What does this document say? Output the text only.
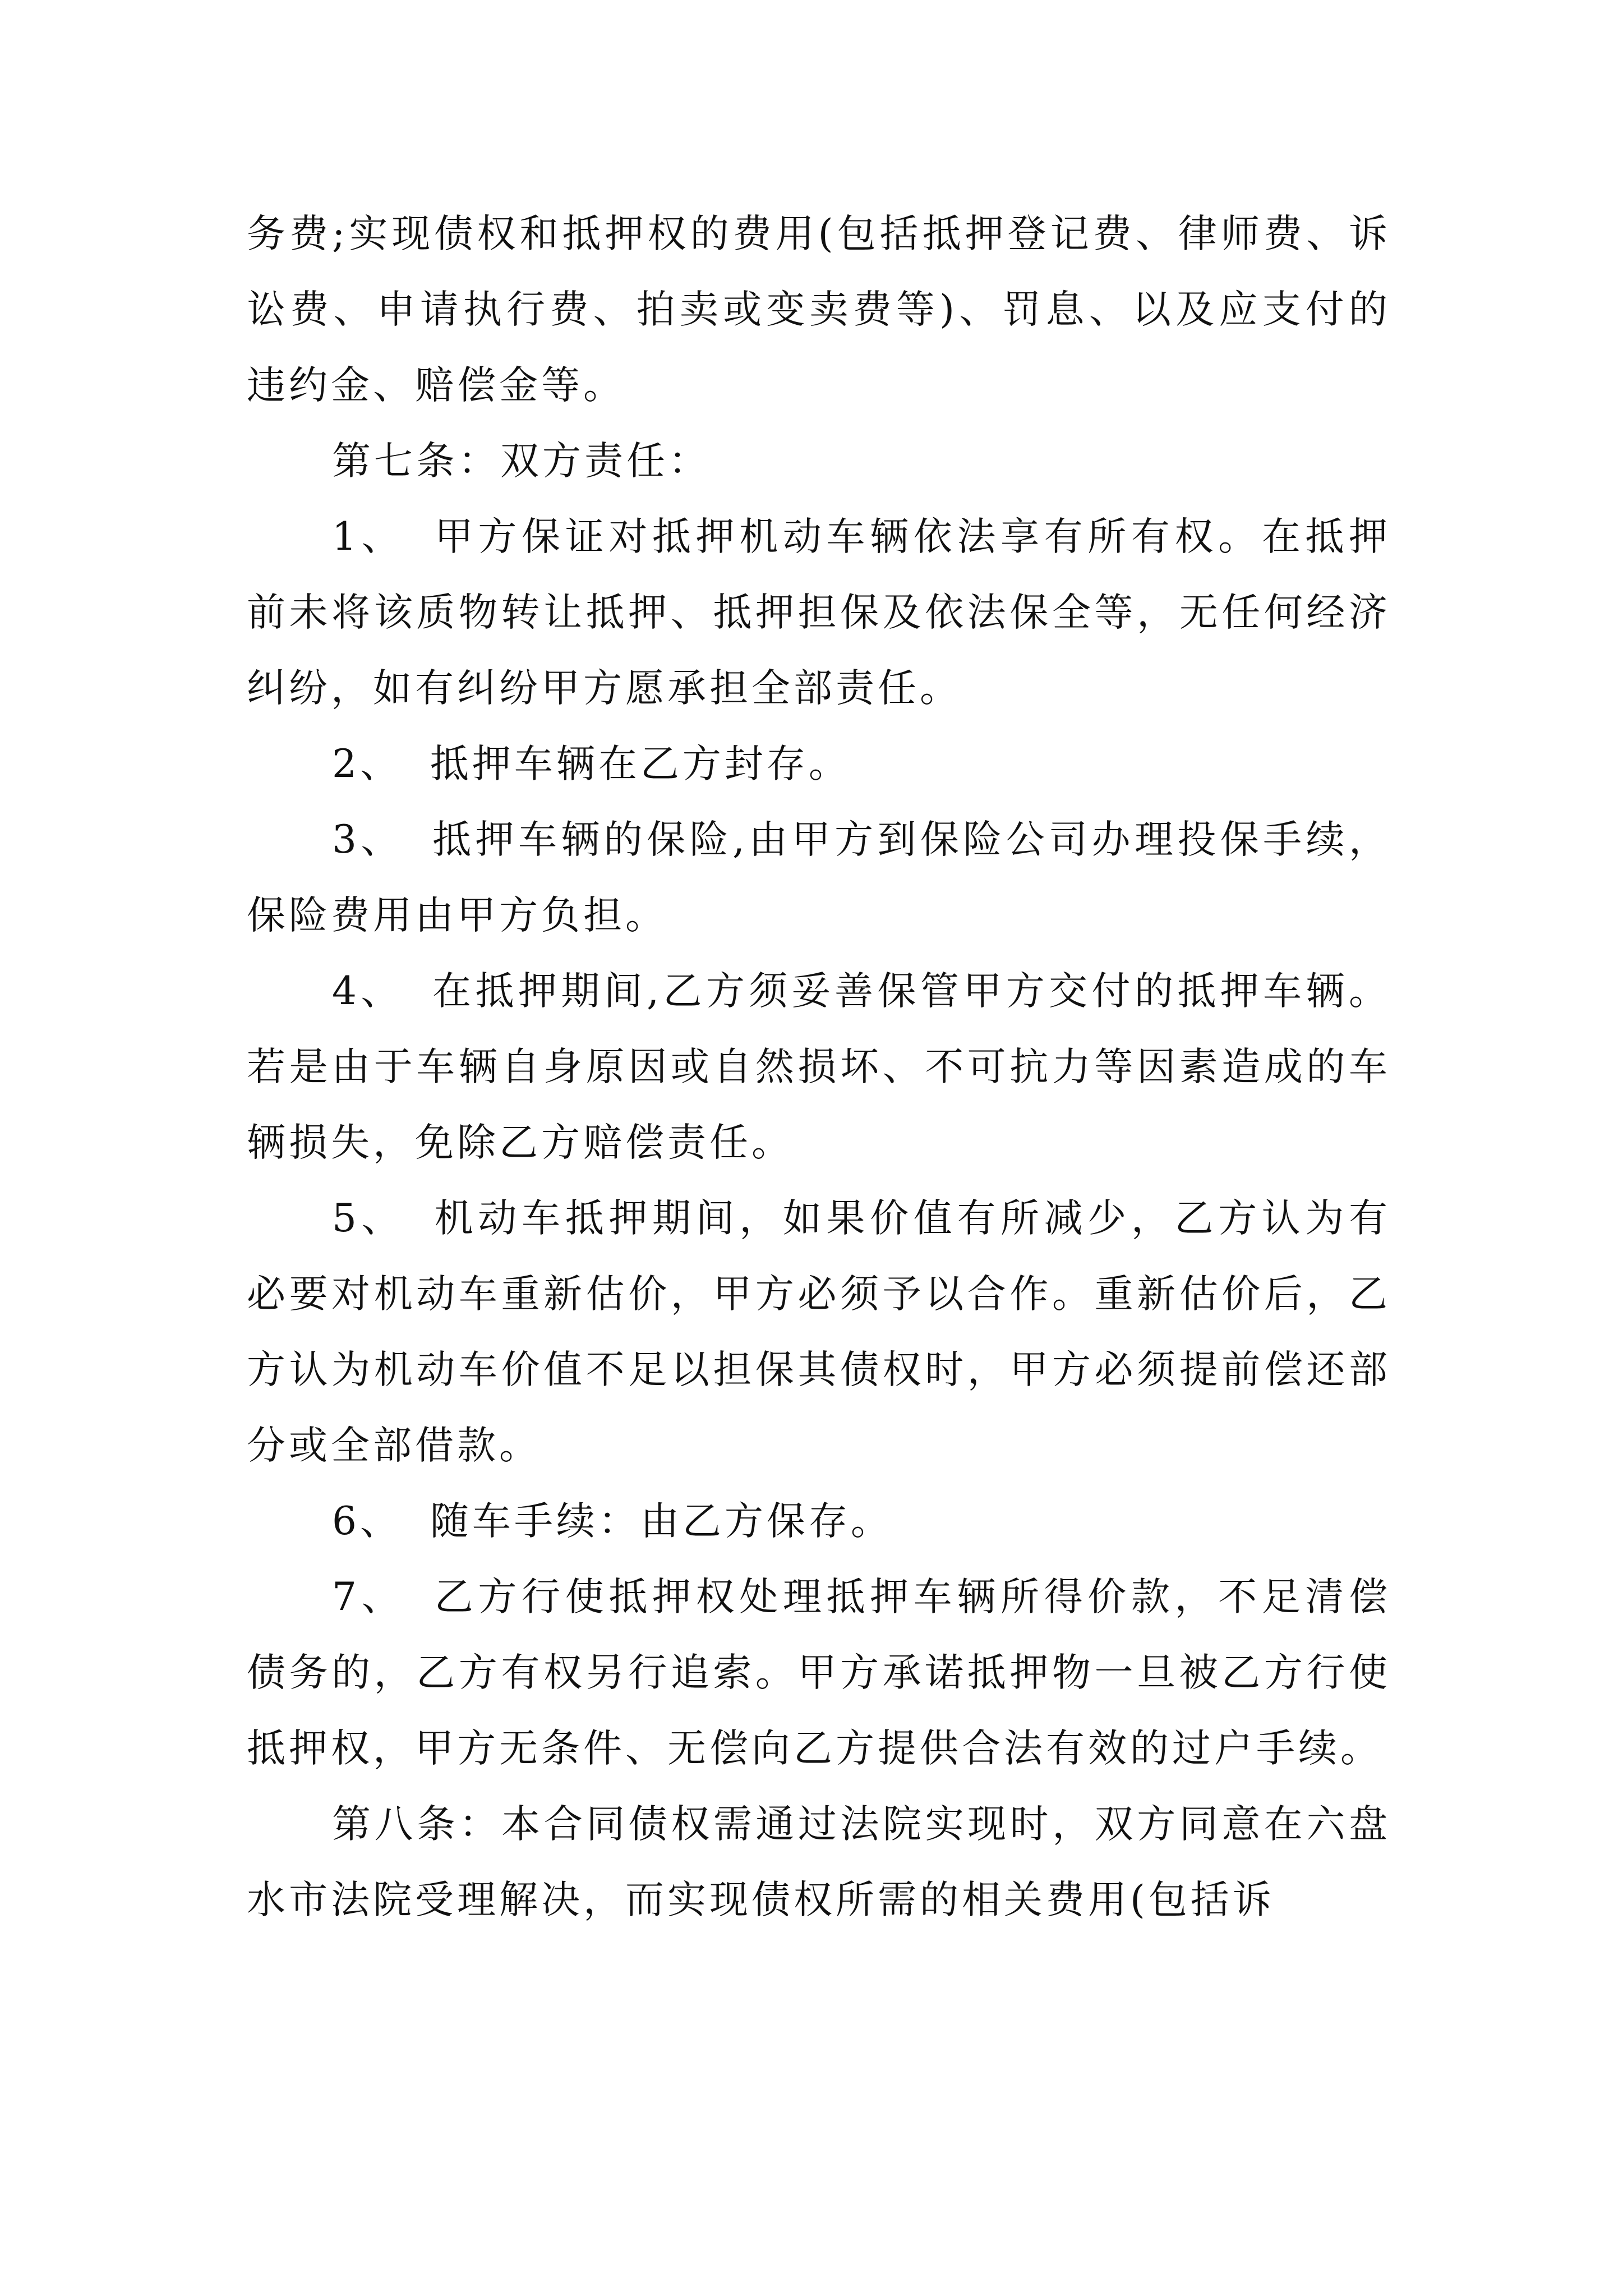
务费;实现债权和抵押权的费用(包括抵押登记费、律师费、诉讼费、申请执行费、拍卖或变卖费等)、罚息、以及应支付的违约金、赔偿金等。

第七条：双方责任：

1、 甲方保证对抵押机动车辆依法享有所有权。在抵押前未将该质物转让抵押、抵押担保及依法保全等，无任何经济纠纷，如有纠纷甲方愿承担全部责任。

2、 抵押车辆在乙方封存。

3、 抵押车辆的保险,由甲方到保险公司办理投保手续，保险费用由甲方负担。

4、 在抵押期间,乙方须妥善保管甲方交付的抵押车辆。若是由于车辆自身原因或自然损坏、不可抗力等因素造成的车辆损失，免除乙方赔偿责任。

5、 机动车抵押期间，如果价值有所减少，乙方认为有必要对机动车重新估价，甲方必须予以合作。重新估价后，乙方认为机动车价值不足以担保其债权时，甲方必须提前偿还部分或全部借款。

6、 随车手续：由乙方保存。

7、 乙方行使抵押权处理抵押车辆所得价款，不足清偿债务的，乙方有权另行追索。甲方承诺抵押物一旦被乙方行使抵押权，甲方无条件、无偿向乙方提供合法有效的过户手续。

第八条：本合同债权需通过法院实现时，双方同意在六盘水市法院受理解决，而实现债权所需的相关费用(包括诉
